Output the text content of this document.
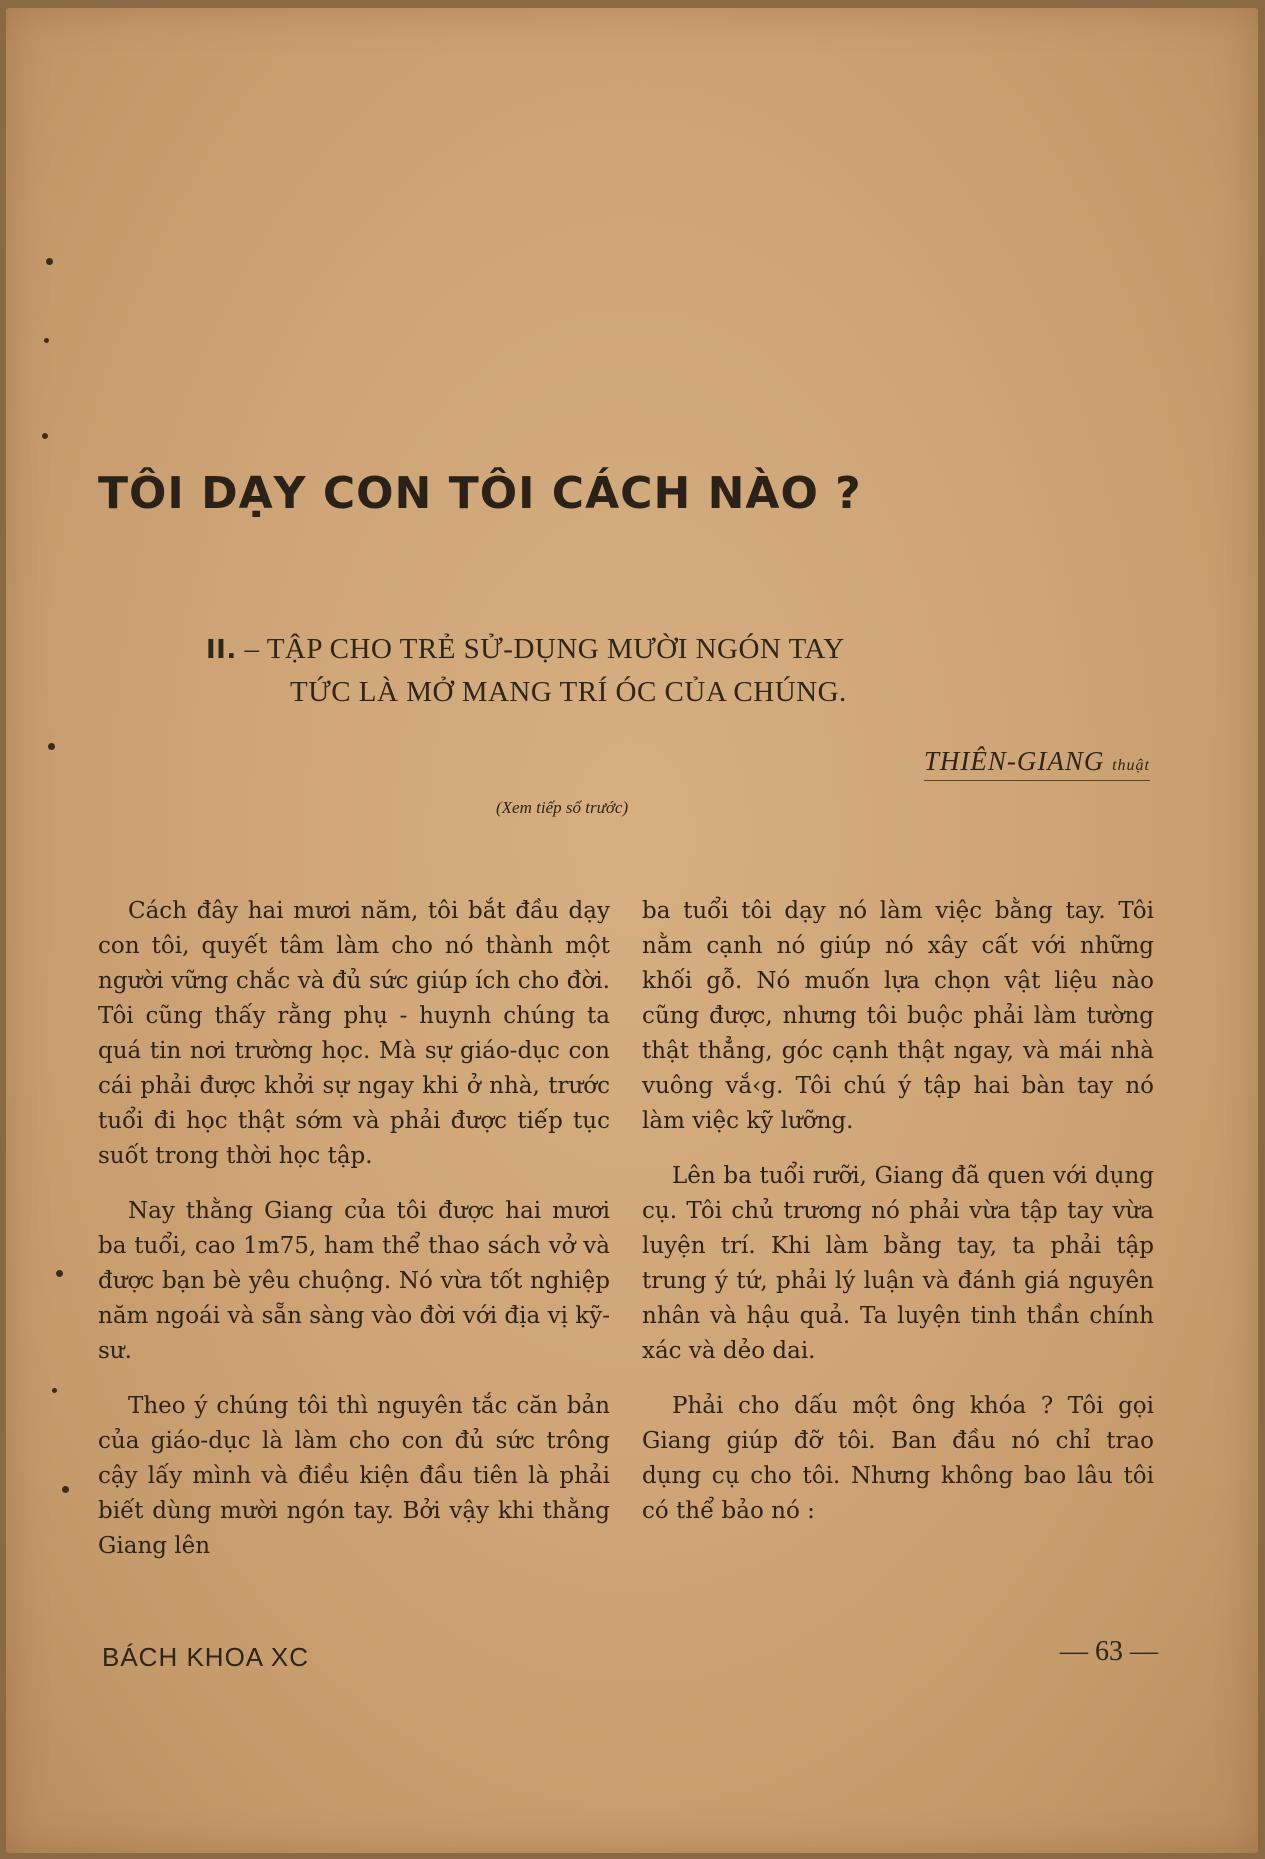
TÔI DẠY CON TÔI CÁCH NÀO ?
II. – TẬP CHO TRẺ SỬ-DỤNG MƯỜI NGÓN TAY
TỨC LÀ MỞ MANG TRÍ ÓC CỦA CHÚNG.
THIÊN-GIANG thuật
(Xem tiếp số trước)

Cách đây hai mươi năm, tôi bắt đầu dạy con tôi, quyết tâm làm cho nó thành một người vững chắc và đủ sức giúp ích cho đời. Tôi cũng thấy rằng phụ - huynh chúng ta quá tin nơi trường học. Mà sự giáo-dục con cái phải được khởi sự ngay khi ở nhà, trước tuổi đi học thật sớm và phải được tiếp tục suốt trong thời học tập.

Nay thằng Giang của tôi được hai mươi ba tuổi, cao 1m75, ham thể thao sách vở và được bạn bè yêu chuộng. Nó vừa tốt nghiệp năm ngoái và sẵn sàng vào đời với địa vị kỹ-sư.

Theo ý chúng tôi thì nguyên tắc căn bản của giáo-dục là làm cho con đủ sức trông cậy lấy mình và điều kiện đầu tiên là phải biết dùng mười ngón tay. Bởi vậy khi thằng Giang lên

ba tuổi tôi dạy nó làm việc bằng tay. Tôi nằm cạnh nó giúp nó xây cất với những khối gỗ. Nó muốn lựa chọn vật liệu nào cũng được, nhưng tôi buộc phải làm tường thật thẳng, góc cạnh thật ngay, và mái nhà vuông vắ‹g. Tôi chú ý tập hai bàn tay nó làm việc kỹ lưỡng.

Lên ba tuổi rưỡi, Giang đã quen với dụng cụ. Tôi chủ trương nó phải vừa tập tay vừa luyện trí. Khi làm bằng tay, ta phải tập trung ý tứ, phải lý luận và đánh giá nguyên nhân và hậu quả. Ta luyện tinh thần chính xác và dẻo dai.

Phải cho dấu một ông khóa ? Tôi gọi Giang giúp đỡ tôi. Ban đầu nó chỉ trao dụng cụ cho tôi. Nhưng không bao lâu tôi có thể bảo nó :

BÁCH KHOA XC	— 63 —
